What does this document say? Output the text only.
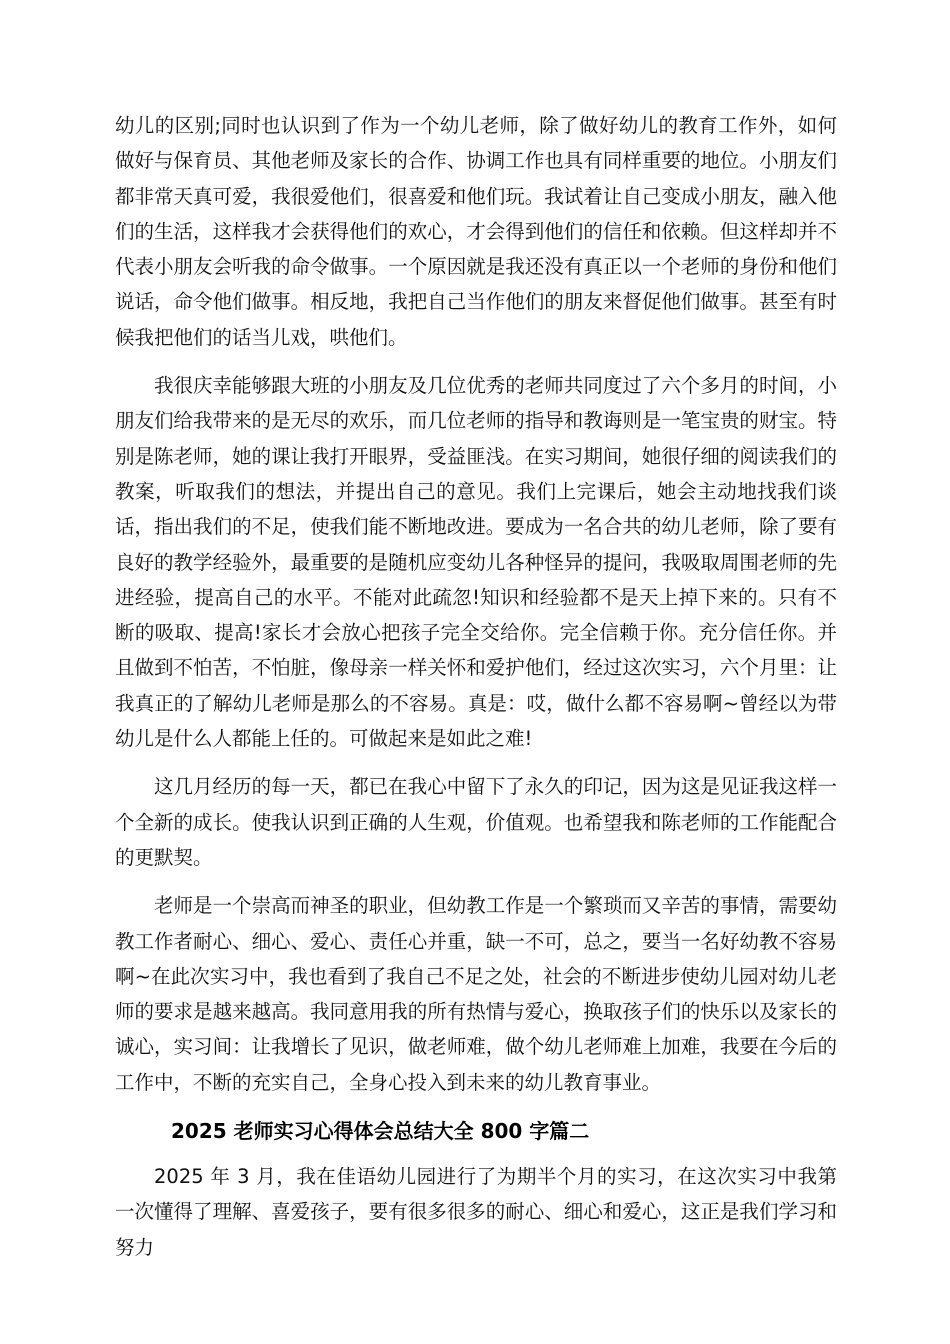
幼儿的区别;同时也认识到了作为一个幼儿老师，除了做好幼儿的教育工作外，如何做好与保育员、其他老师及家长的合作、协调工作也具有同样重要的地位。小朋友们都非常天真可爱，我很爱他们，很喜爱和他们玩。我试着让自己变成小朋友，融入他们的生活，这样我才会获得他们的欢心，才会得到他们的信任和依赖。但这样却并不代表小朋友会听我的命令做事。一个原因就是我还没有真正以一个老师的身份和他们说话，命令他们做事。相反地，我把自己当作他们的朋友来督促他们做事。甚至有时候我把他们的话当儿戏，哄他们。

我很庆幸能够跟大班的小朋友及几位优秀的老师共同度过了六个多月的时间，小朋友们给我带来的是无尽的欢乐，而几位老师的指导和教诲则是一笔宝贵的财宝。特别是陈老师，她的课让我打开眼界，受益匪浅。在实习期间，她很仔细的阅读我们的教案，听取我们的想法，并提出自己的意见。我们上完课后，她会主动地找我们谈话，指出我们的不足，使我们能不断地改进。要成为一名合共的幼儿老师，除了要有良好的教学经验外，最重要的是随机应变幼儿各种怪异的提问，我吸取周围老师的先进经验，提高自己的水平。不能对此疏忽!知识和经验都不是天上掉下来的。只有不断的吸取、提高!家长才会放心把孩子完全交给你。完全信赖于你。充分信任你。并且做到不怕苦，不怕脏，像母亲一样关怀和爱护他们，经过这次实习，六个月里：让我真正的了解幼儿老师是那么的不容易。真是：哎，做什么都不容易啊~曾经以为带幼儿是什么人都能上任的。可做起来是如此之难!

这几月经历的每一天，都已在我心中留下了永久的印记，因为这是见证我这样一个全新的成长。使我认识到正确的人生观，价值观。也希望我和陈老师的工作能配合的更默契。

老师是一个崇高而神圣的职业，但幼教工作是一个繁琐而又辛苦的事情，需要幼教工作者耐心、细心、爱心、责任心并重，缺一不可，总之，要当一名好幼教不容易啊~在此次实习中，我也看到了我自己不足之处，社会的不断进步使幼儿园对幼儿老师的要求是越来越高。我同意用我的所有热情与爱心，换取孩子们的快乐以及家长的诚心，实习间：让我增长了见识，做老师难，做个幼儿老师难上加难，我要在今后的工作中，不断的充实自己，全身心投入到未来的幼儿教育事业。

2025 老师实习心得体会总结大全 800 字篇二

2025 年 3 月，我在佳语幼儿园进行了为期半个月的实习，在这次实习中我第一次懂得了理解、喜爱孩子，要有很多很多的耐心、细心和爱心，这正是我们学习和努力
